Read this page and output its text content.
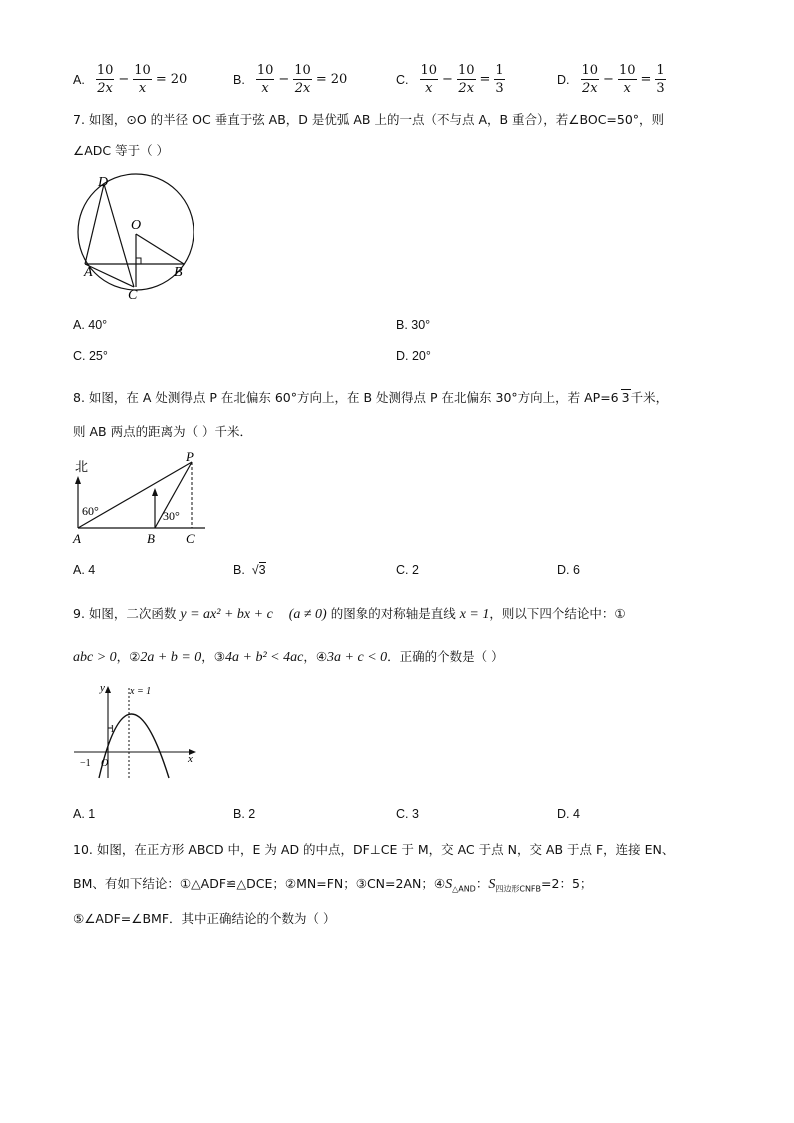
A. $\frac{10}{2x} - \frac{10}{x} = 20$	B. $\frac{10}{x} - \frac{10}{2x} = 20$	C. $\frac{10}{x} - \frac{10}{2x} = \frac{1}{3}$	D. $\frac{10}{2x} - \frac{10}{x} = \frac{1}{3}$
7. 如图，⊙O 的半径 OC 垂直于弦 AB，D 是优弧 AB 上的一点（不与点 A，B 重合），若∠BOC=50°，则
∠ADC 等于（ ）
D
O
A	B
C
A. 40°	B. 30°
C. 25°	D. 20°
8. 如图，在 A 处测得点 P 在北偏东 60°方向上，在 B 处测得点 P 在北偏东 30°方向上，若 AP=6 3千米，
则 AB 两点的距离为（ ）千米．
北
P
60°	30°
A	B C
A. 4	B.  √3	C. 2	D. 6
9. 如图，二次函数 y = ax² + bx + c (a ≠ 0) 的图象的对称轴是直线 x = 1，则以下四个结论中：①
abc > 0，②2a + b = 0，③4a + b² < 4ac，④3a + c < 0．正确的个数是（ ）
y	x = 1
1
−1 O	x
A. 1	B. 2	C. 3	D. 4
10. 如图，在正方形 ABCD 中，E 为 AD 的中点，DF⊥CE 于 M，交 AC 于点 N，交 AB 于点 F，连接 EN、
BM、有如下结论：①△ADF≌△DCE；②MN=FN；③CN=2AN；$④S_{\triangle AND}$：$S_{四边形CNFB}=2$：5；
⑤∠ADF=∠BMF．其中正确结论的个数为（ ）
